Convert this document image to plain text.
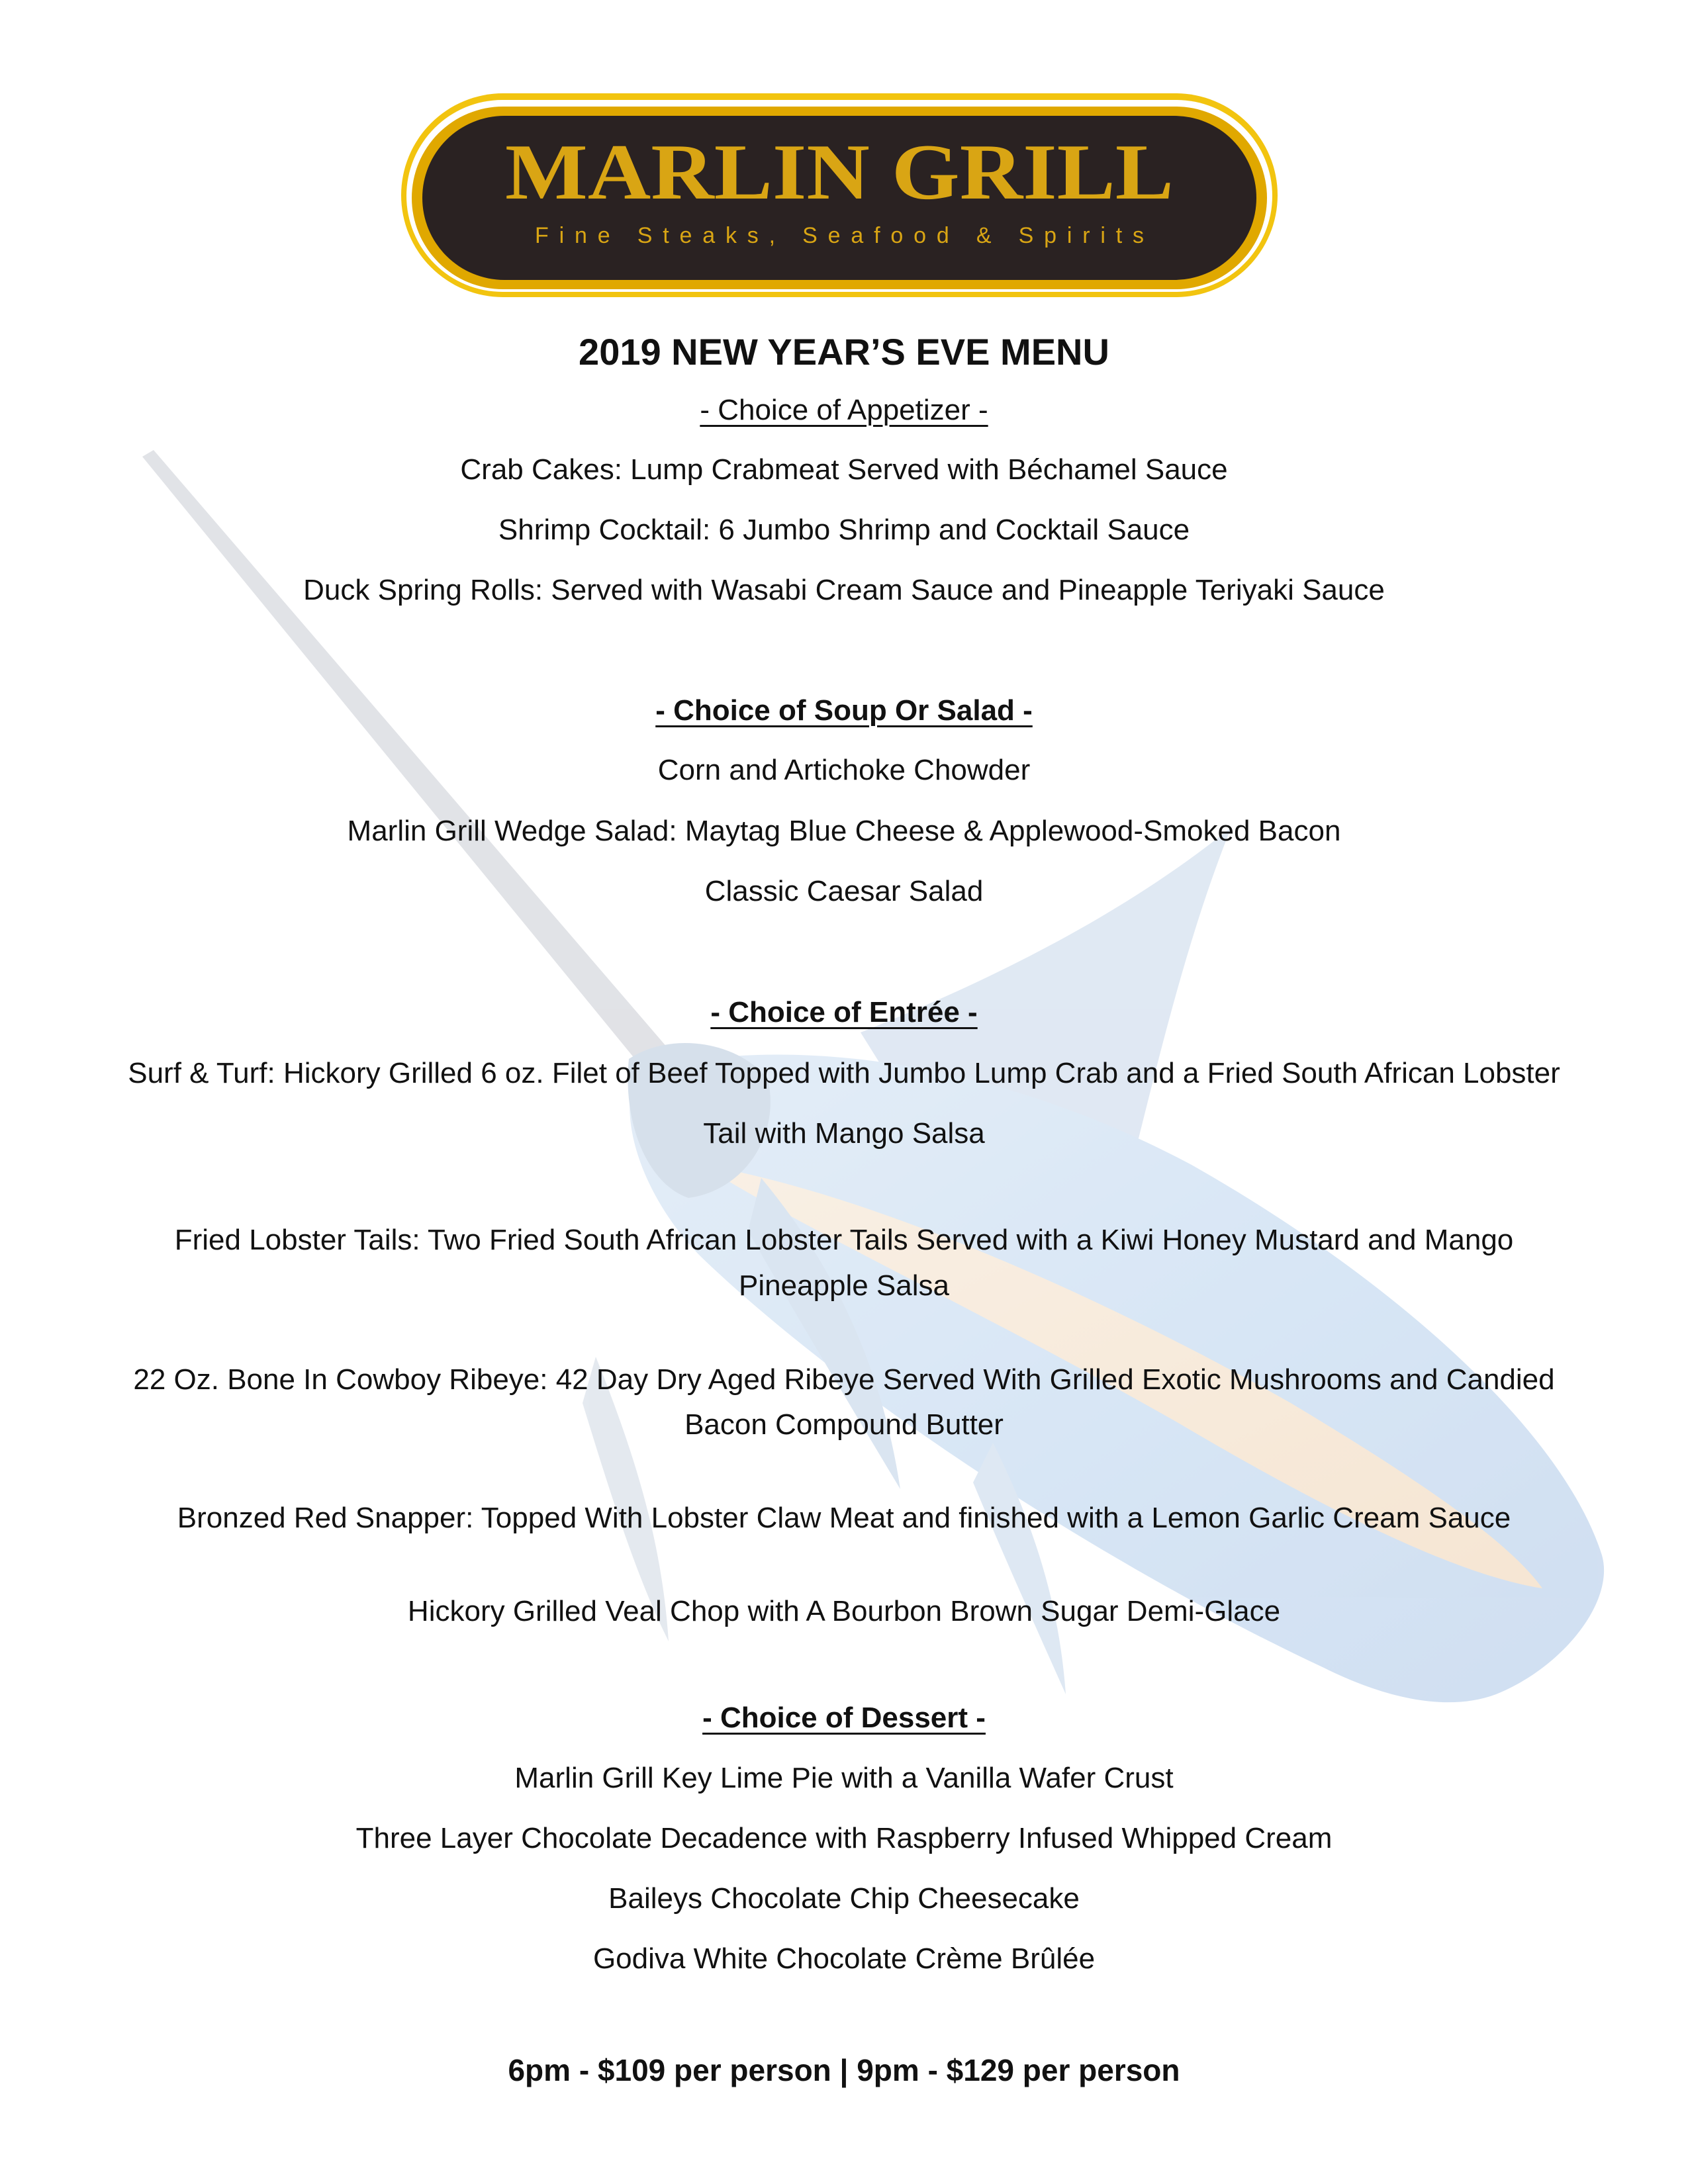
MARLIN GRILL
Fine Steaks, Seafood & Spirits
2019 NEW YEAR’S EVE MENU
- Choice of Appetizer -
Crab Cakes: Lump Crabmeat Served with Béchamel Sauce
Shrimp Cocktail: 6 Jumbo Shrimp and Cocktail Sauce
Duck Spring Rolls: Served with Wasabi Cream Sauce and Pineapple Teriyaki Sauce
- Choice of Soup Or Salad -
Corn and Artichoke Chowder
Marlin Grill Wedge Salad: Maytag Blue Cheese & Applewood-Smoked Bacon
Classic Caesar Salad
- Choice of Entrée -
Surf & Turf: Hickory Grilled 6 oz. Filet of Beef Topped with Jumbo Lump Crab and a Fried South African Lobster
Tail with Mango Salsa
Fried Lobster Tails: Two Fried South African Lobster Tails Served with a Kiwi Honey Mustard and Mango
Pineapple Salsa
22 Oz. Bone In Cowboy Ribeye: 42 Day Dry Aged Ribeye Served With Grilled Exotic Mushrooms and Candied
Bacon Compound Butter
Bronzed Red Snapper: Topped With Lobster Claw Meat and finished with a Lemon Garlic Cream Sauce
Hickory Grilled Veal Chop with A Bourbon Brown Sugar Demi-Glace
- Choice of Dessert -
Marlin Grill Key Lime Pie with a Vanilla Wafer Crust
Three Layer Chocolate Decadence with Raspberry Infused Whipped Cream
Baileys Chocolate Chip Cheesecake
Godiva White Chocolate Crème Brûlée
6pm - $109 per person | 9pm - $129 per person
